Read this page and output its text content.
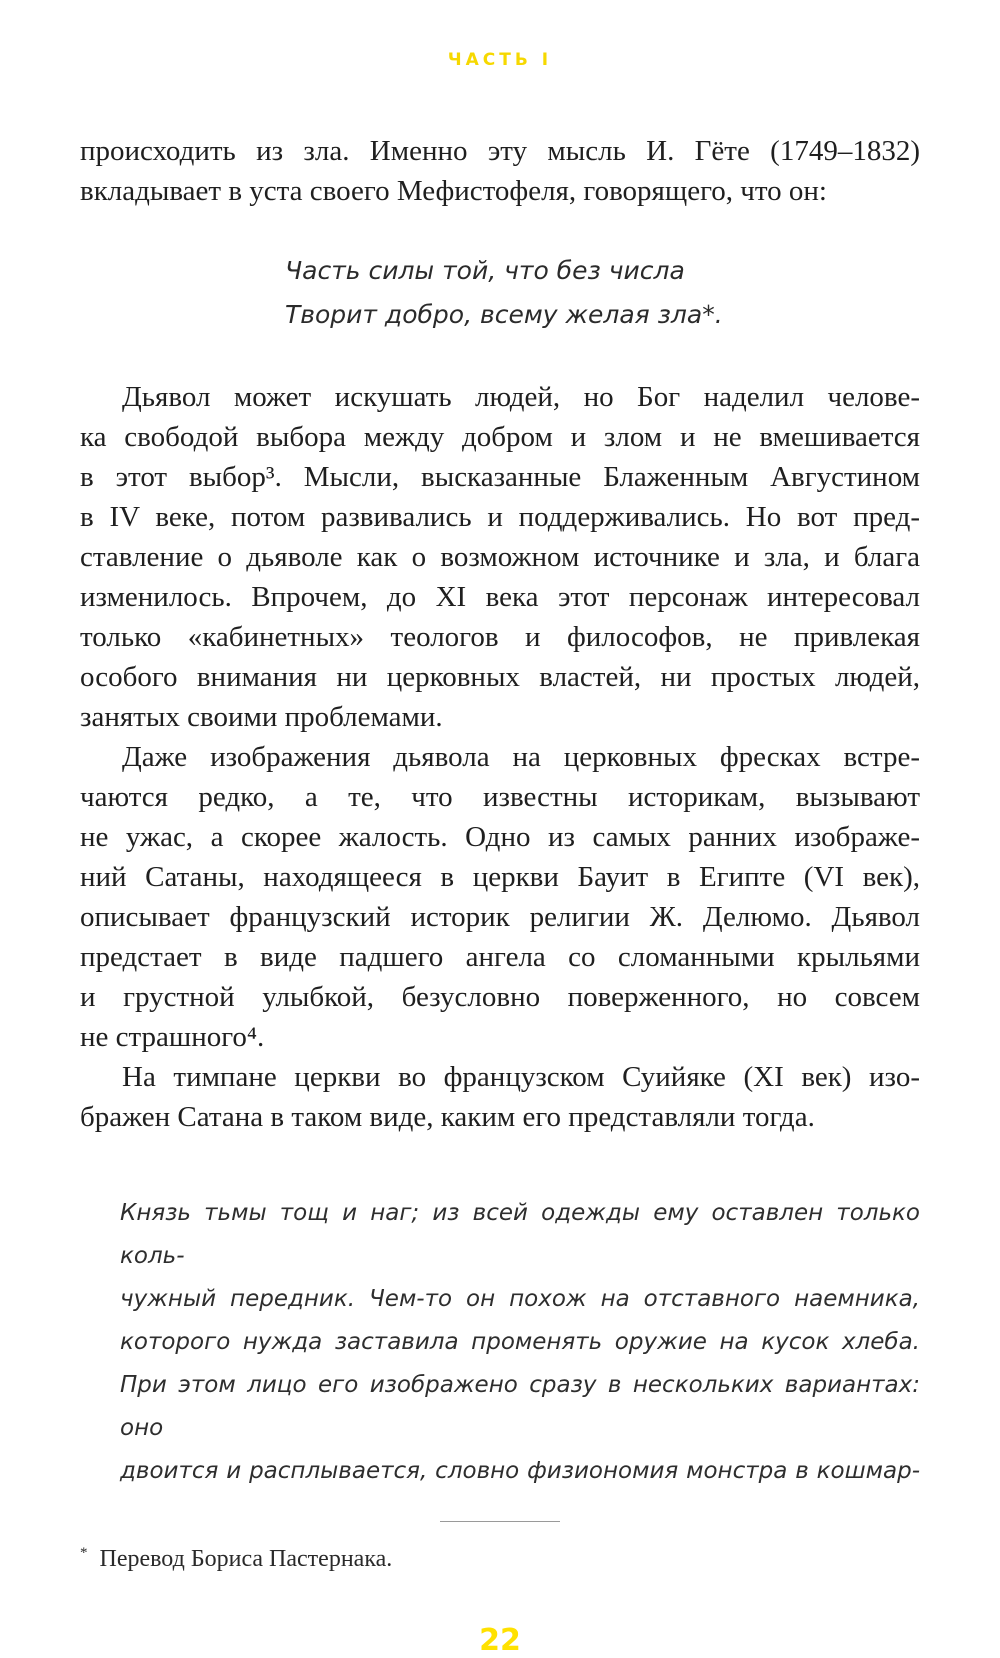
ЧАСТЬ I
происходить из зла. Именно эту мысль И. Гёте (1749–1832)
вкладывает в уста своего Мефистофеля, говорящего, что он:
Часть силы той, что без числа
Творит добро, всему желая зла*.
Дьявол может искушать людей, но Бог наделил челове-
ка свободой выбора между добром и злом и не вмешивается
в этот выбор³. Мысли, высказанные Блаженным Августином
в IV веке, потом развивались и поддерживались. Но вот пред-
ставление о дьяволе как о возможном источнике и зла, и блага
изменилось. Впрочем, до XI века этот персонаж интересовал
только «кабинетных» теологов и философов, не привлекая
особого внимания ни церковных властей, ни простых людей,
занятых своими проблемами.
Даже изображения дьявола на церковных фресках встре-
чаются редко, а те, что известны историкам, вызывают
не ужас, а скорее жалость. Одно из самых ранних изображе-
ний Сатаны, находящееся в церкви Бауит в Египте (VI век),
описывает французский историк религии Ж. Делюмо. Дьявол
предстает в виде падшего ангела со сломанными крыльями
и грустной улыбкой, безусловно поверженного, но совсем
не страшного⁴.
На тимпане церкви во французском Суийяке (XI век) изо-
бражен Сатана в таком виде, каким его представляли тогда.
Князь тьмы тощ и наг; из всей одежды ему оставлен только коль-
чужный передник. Чем-то он похож на отставного наемника,
которого нужда заставила променять оружие на кусок хлеба.
При этом лицо его изображено сразу в нескольких вариантах: оно
двоится и расплывается, словно физиономия монстра в кошмар-
* Перевод Бориса Пастернака.
22
